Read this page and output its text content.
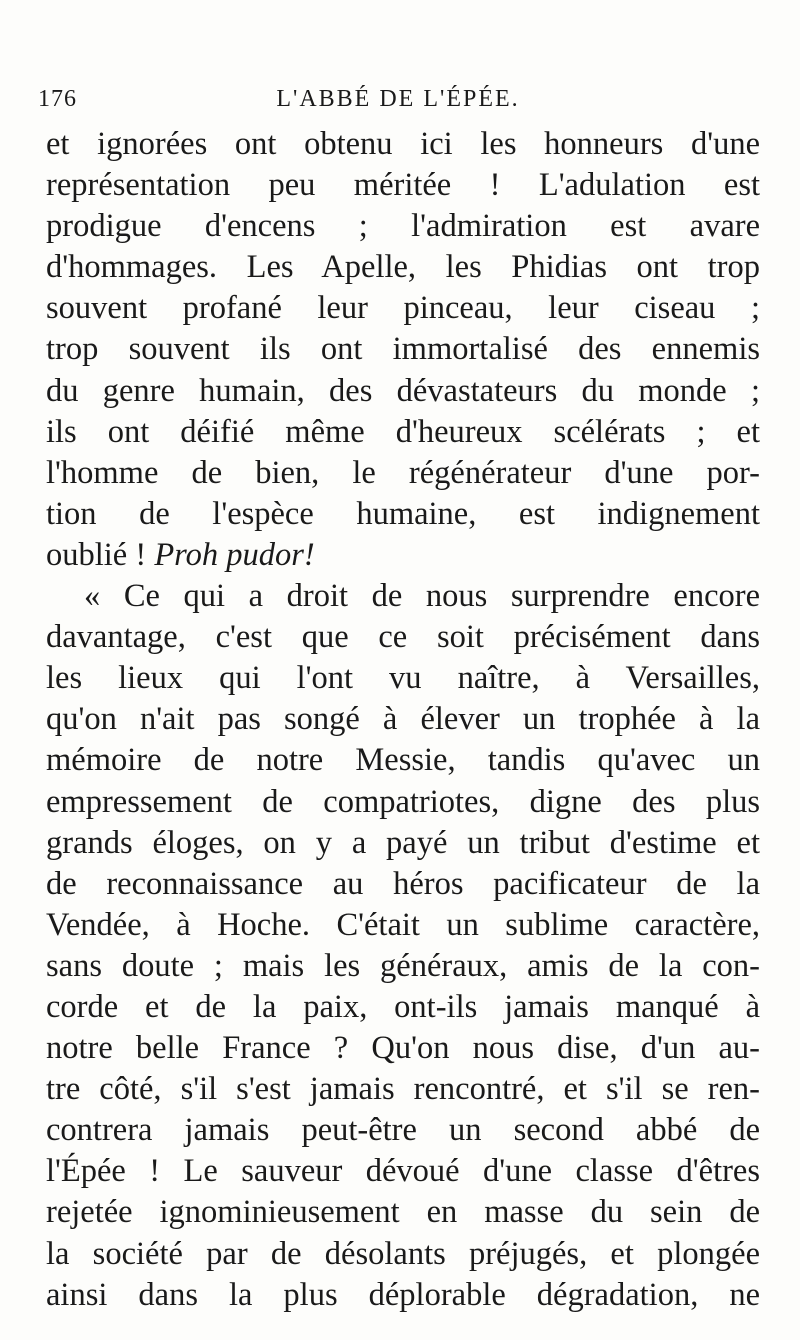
176	L'ABBÉ DE L'ÉPÉE.
et ignorées ont obtenu ici les honneurs d'une
représentation peu méritée ! L'adulation est
prodigue d'encens ; l'admiration est avare
d'hommages. Les Apelle, les Phidias ont trop
souvent profané leur pinceau, leur ciseau ;
trop souvent ils ont immortalisé des ennemis
du genre humain, des dévastateurs du monde ;
ils ont déifié même d'heureux scélérats ; et
l'homme de bien, le régénérateur d'une por-
tion de l'espèce humaine, est indignement
oublié ! Proh pudor!
« Ce qui a droit de nous surprendre encore
davantage, c'est que ce soit précisément dans
les lieux qui l'ont vu naître, à Versailles,
qu'on n'ait pas songé à élever un trophée à la
mémoire de notre Messie, tandis qu'avec un
empressement de compatriotes, digne des plus
grands éloges, on y a payé un tribut d'estime et
de reconnaissance au héros pacificateur de la
Vendée, à Hoche. C'était un sublime caractère,
sans doute ; mais les généraux, amis de la con-
corde et de la paix, ont-ils jamais manqué à
notre belle France ? Qu'on nous dise, d'un au-
tre côté, s'il s'est jamais rencontré, et s'il se ren-
contrera jamais peut-être un second abbé de
l'Épée ! Le sauveur dévoué d'une classe d'êtres
rejetée ignominieusement en masse du sein de
la société par de désolants préjugés, et plongée
ainsi dans la plus déplorable dégradation, ne
